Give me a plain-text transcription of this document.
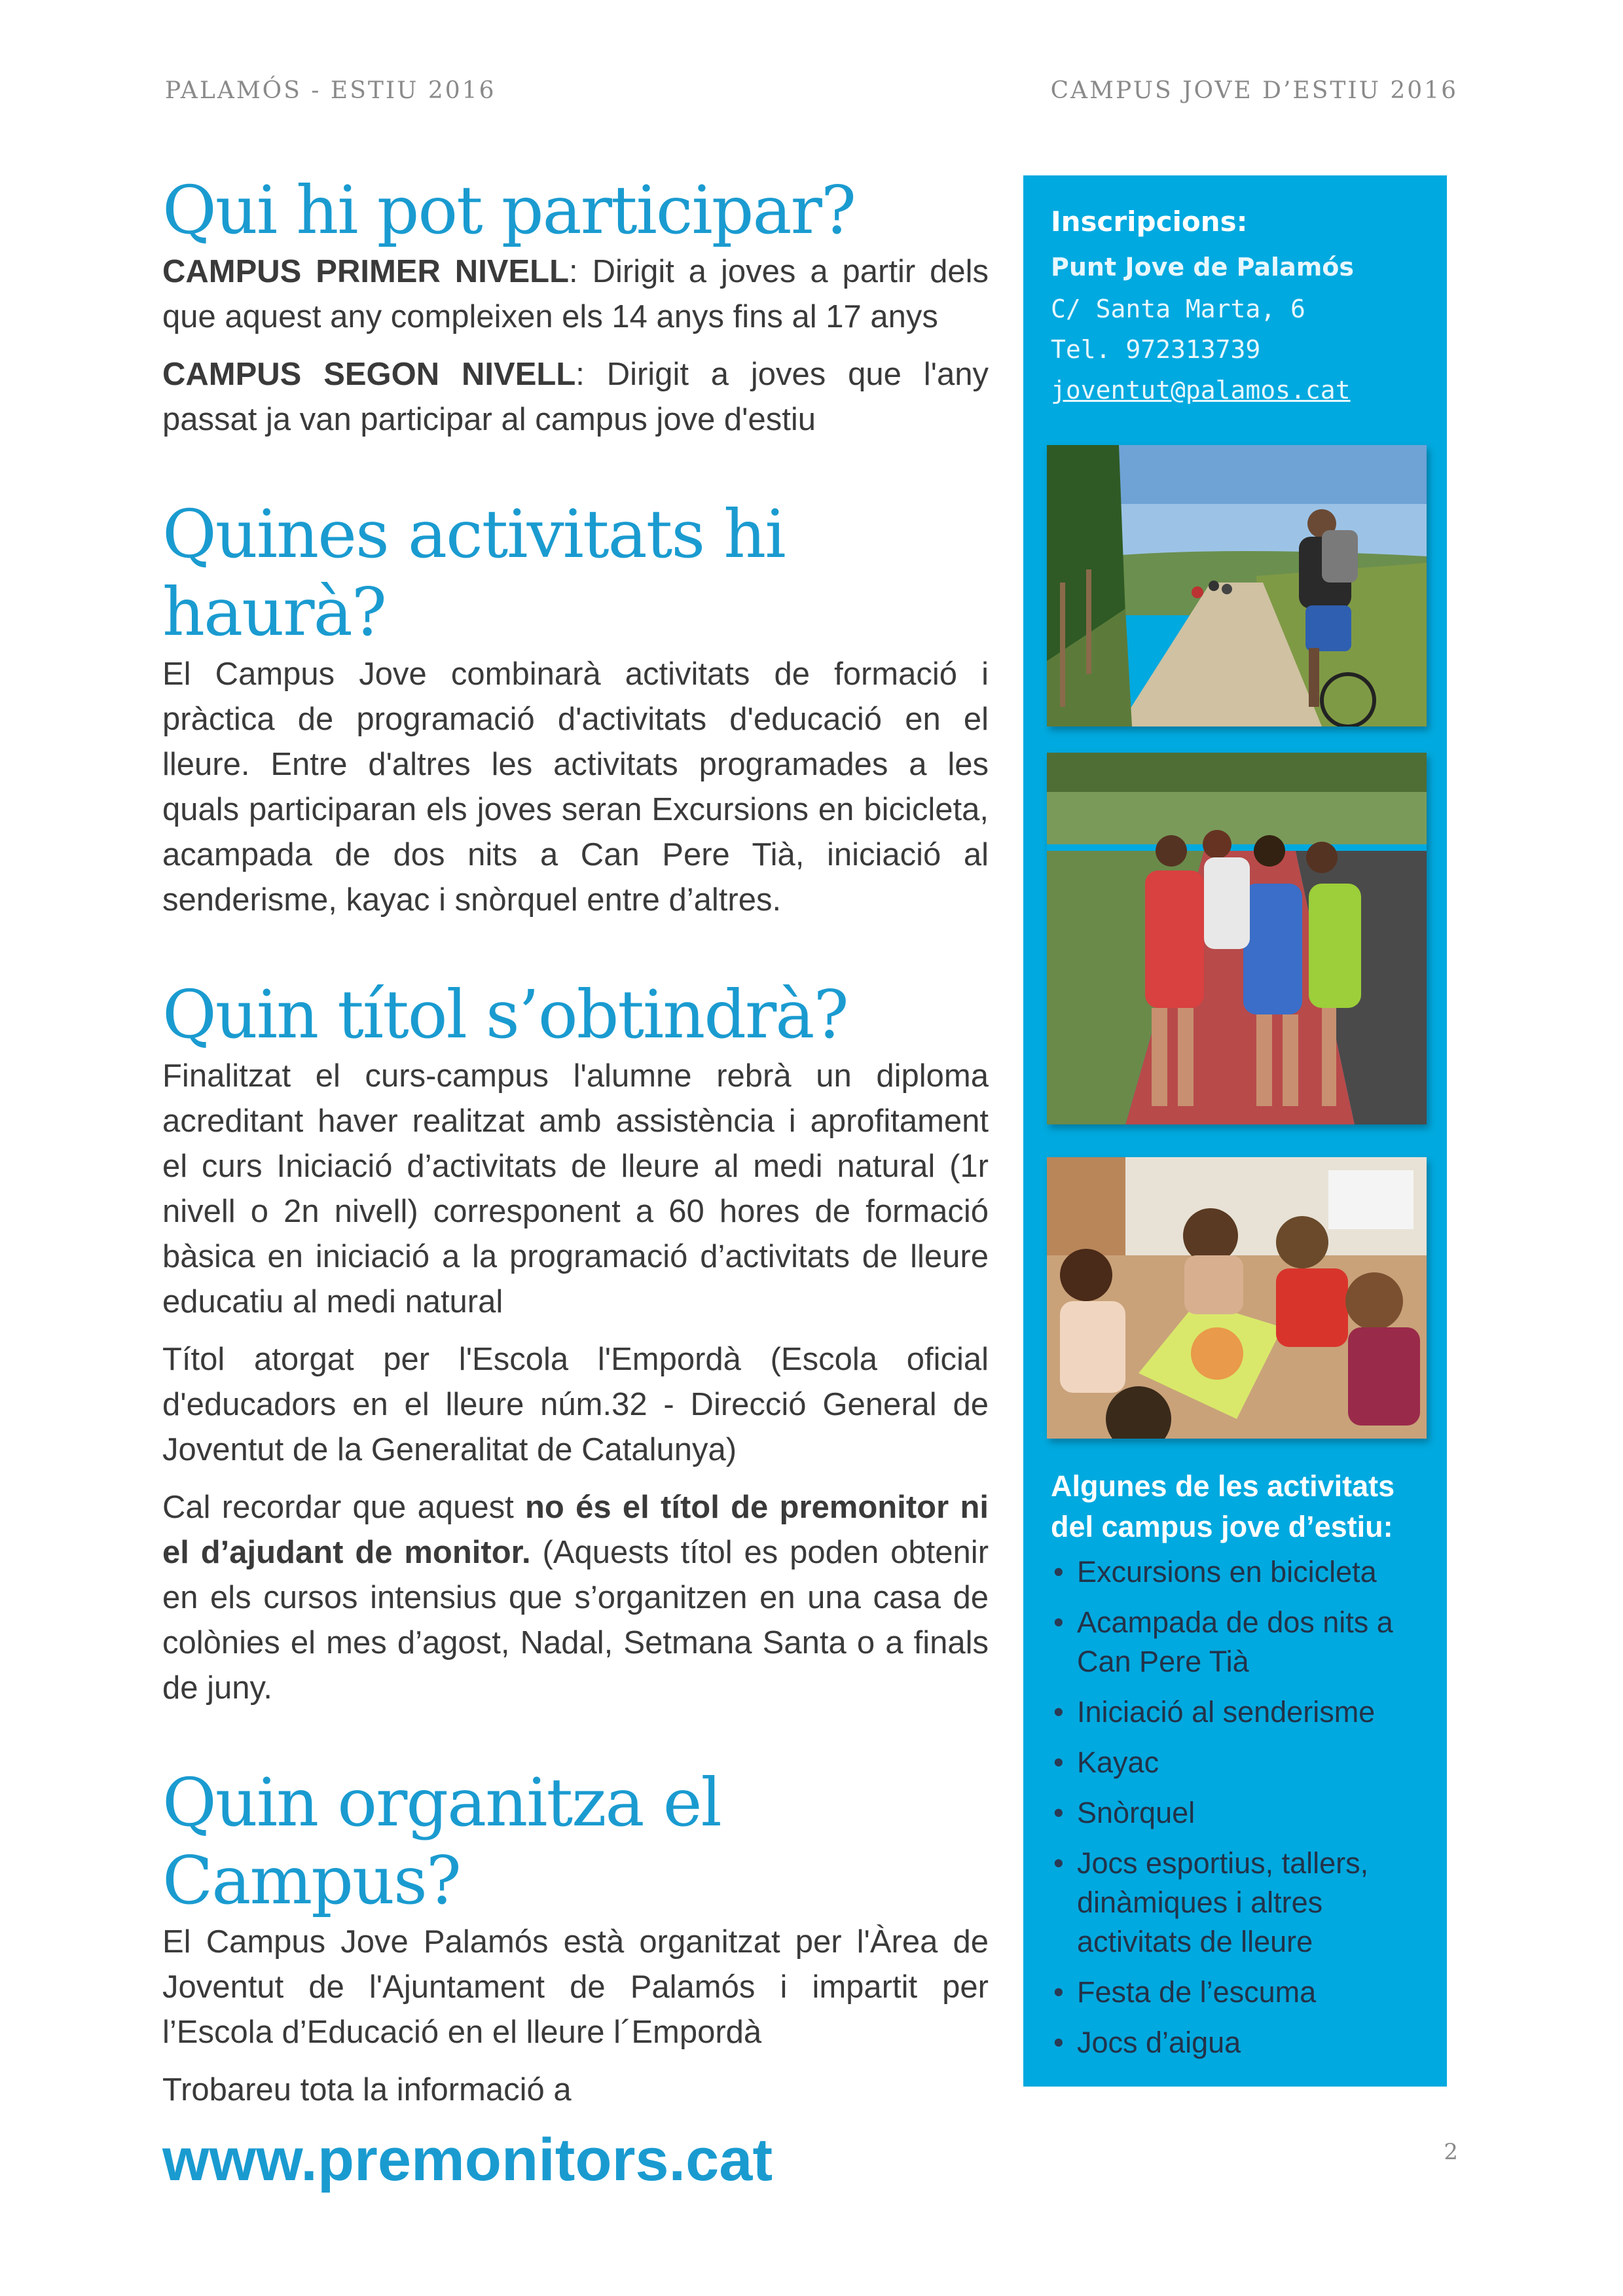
PALAMÓS - ESTIU 2016	CAMPUS JOVE D’ESTIU 2016
Qui hi pot participar?

CAMPUS PRIMER NIVELL: Dirigit a joves a partir dels que aquest any compleixen els 14 anys fins al 17 anys

CAMPUS SEGON NIVELL: Dirigit a joves que l'any passat ja van participar al campus jove d'estiu

Quines activitats hi haurà?

El Campus Jove combinarà activitats de formació i pràctica de programació d'activitats d'educació en el lleure. Entre d'altres les activitats programades a les quals participaran els joves seran Excursions en bicicleta, acampada de dos nits a Can Pere Tià, iniciació al senderisme, kayac i snòrquel entre d’altres.

Quin títol s’obtindrà?

Finalitzat el curs-campus l'alumne rebrà un diploma acreditant haver realitzat amb assistència i aprofitament el curs Iniciació d’activitats de lleure al medi natural (1r nivell o 2n nivell) corresponent a 60 hores de formació bàsica en iniciació a la programació d’activitats de lleure educatiu al medi natural

Títol atorgat per l'Escola l'Empordà (Escola oficial d'educadors en el lleure núm.32 - Direcció General de Joventut de la Generalitat de Catalunya)

Cal recordar que aquest no és el títol de premonitor ni el d’ajudant de monitor. (Aquests títol es poden obtenir en els cursos intensius que s’organitzen en una casa de colònies el mes d’agost, Nadal, Setmana Santa o a finals de juny.

Quin organitza el Campus?

El Campus Jove Palamós està organitzat per l'Àrea de Joventut de l'Ajuntament de Palamós i impartit per l’Escola d’Educació en el lleure l´Empordà

Trobareu tota la informació a

www.premonitors.cat
Inscripcions:
Punt Jove de Palamós
C/ Santa Marta, 6
Tel. 972313739
joventut@palamos.cat
Algunes de les activitats del campus jove d’estiu:
• Excursions en bicicleta
• Acampada de dos nits a Can Pere Tià
• Iniciació al senderisme
• Kayac
• Snòrquel
• Jocs esportius, tallers, dinàmiques i altres activitats de lleure
• Festa de l’escuma
• Jocs d’aigua
2
